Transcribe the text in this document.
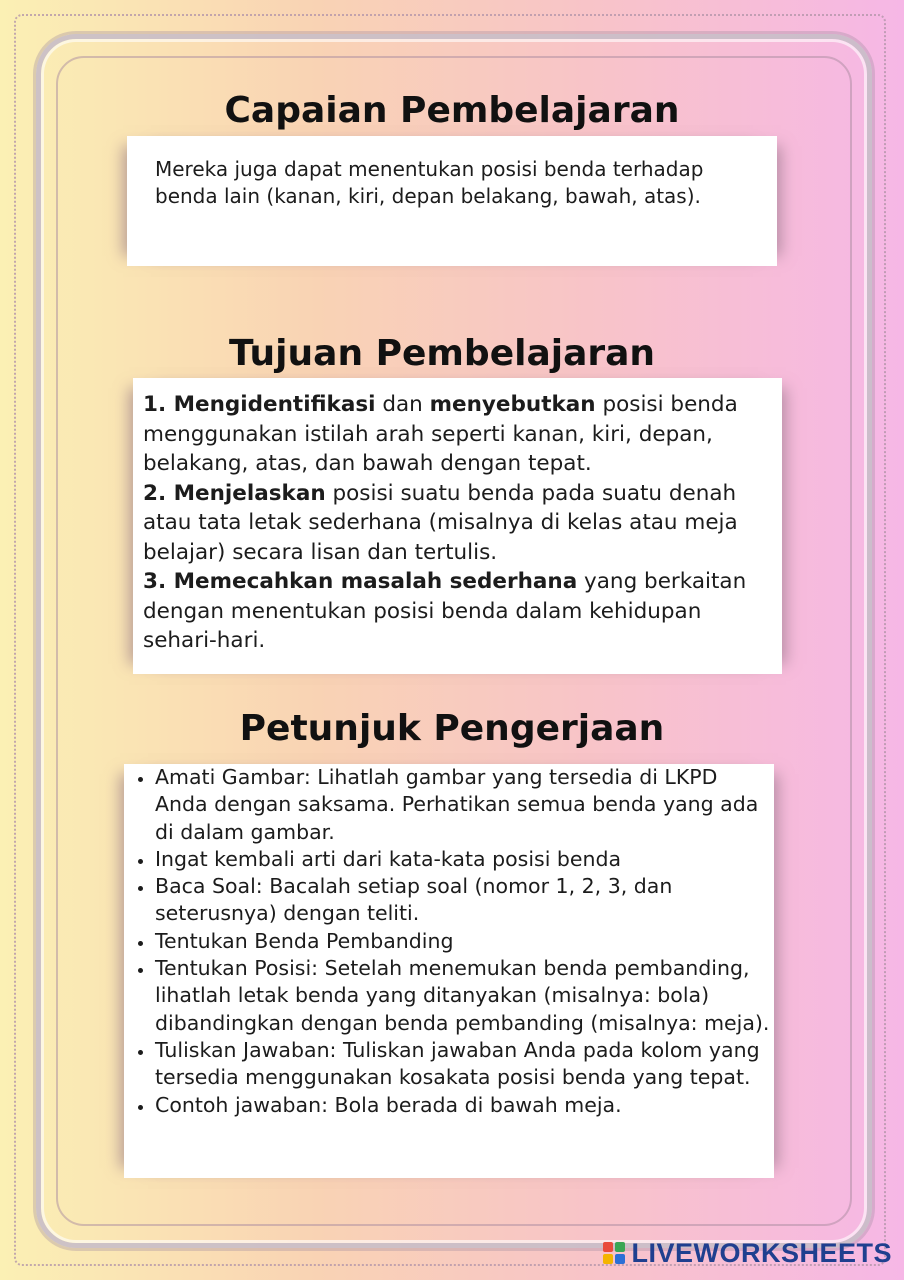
Capaian Pembelajaran
Mereka juga dapat menentukan posisi benda terhadap benda lain (kanan, kiri, depan belakang, bawah, atas).
Tujuan Pembelajaran

1. Mengidentifikasi dan menyebutkan posisi benda menggunakan istilah arah seperti kanan, kiri, depan, belakang, atas, dan bawah dengan tepat.

2. Menjelaskan posisi suatu benda pada suatu denah atau tata letak sederhana (misalnya di kelas atau meja belajar) secara lisan dan tertulis.

3. Memecahkan masalah sederhana yang berkaitan dengan menentukan posisi benda dalam kehidupan sehari-hari.

Petunjuk Pengerjaan
• Amati Gambar: Lihatlah gambar yang tersedia di LKPD Anda dengan saksama. Perhatikan semua benda yang ada di dalam gambar.
• Ingat kembali arti dari kata-kata posisi benda
• Baca Soal: Bacalah setiap soal (nomor 1, 2, 3, dan seterusnya) dengan teliti.
• Tentukan Benda Pembanding
• Tentukan Posisi: Setelah menemukan benda pembanding, lihatlah letak benda yang ditanyakan (misalnya: bola) dibandingkan dengan benda pembanding (misalnya: meja).
• Tuliskan Jawaban: Tuliskan jawaban Anda pada kolom yang tersedia menggunakan kosakata posisi benda yang tepat.
• Contoh jawaban: Bola berada di bawah meja.
LIVEWORKSHEETS
